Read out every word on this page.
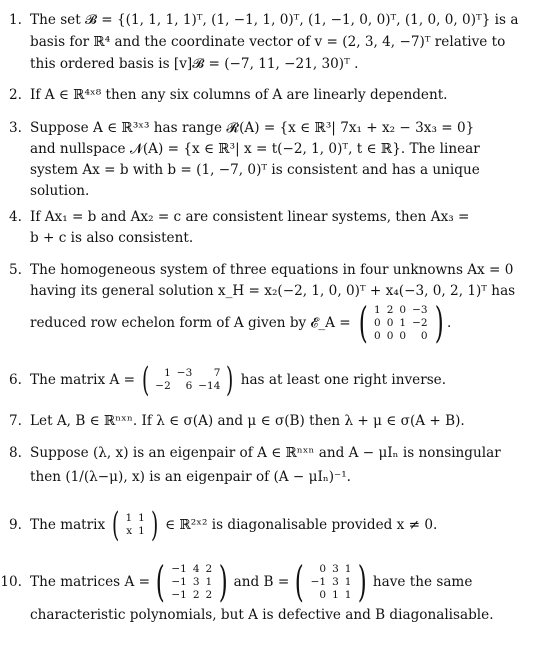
1. The set 𝓑 = {(1, 1, 1, 1)ᵀ, (1, −1, 1, 0)ᵀ, (1, −1, 0, 0)ᵀ, (1, 0, 0, 0)ᵀ} is a
basis for ℝ⁴ and the coordinate vector of v = (2, 3, 4, −7)ᵀ relative to
this ordered basis is [v]𝓑 = (−7, 11, −21, 30)ᵀ .
2. If A ∈ ℝ⁴ˣ⁸ then any six columns of A are linearly dependent.
3. Suppose A ∈ ℝ³ˣ³ has range 𝓡(A) = {x ∈ ℝ³| 7x₁ + x₂ − 3x₃ = 0}
and nullspace 𝓝(A) = {x ∈ ℝ³| x = t(−2, 1, 0)ᵀ, t ∈ ℝ}. The linear
system Ax = b with b = (1, −7, 0)ᵀ is consistent and has a unique
solution.
4. If Ax₁ = b and Ax₂ = c are consistent linear systems, then Ax₃ =
b + c is also consistent.
5. The homogeneous system of three equations in four unknowns Ax = 0
having its general solution x_H = x₂(−2, 1, 0, 0)ᵀ + x₄(−3, 0, 2, 1)ᵀ has
reduced row echelon form of A given by 𝓔_A = ( 1	2	0	−3
0	0	1	−2
0	0	0	0 ) .
6. The matrix A = ( 1	−3	7
−2	6	−14 ) has at least one right inverse.
7. Let A, B ∈ ℝⁿˣⁿ. If λ ∈ σ(A) and μ ∈ σ(B) then λ + μ ∈ σ(A + B).
8. Suppose (λ, x) is an eigenpair of A ∈ ℝⁿˣⁿ and A − μIₙ is nonsingular
then (1/(λ−μ), x) is an eigenpair of (A − μIₙ)⁻¹.
9. The matrix ( 1	1
x	1 ) ∈ ℝ²ˣ² is diagonalisable provided x ≠ 0.
10. The matrices A = ( −1	4	2
−1	3	1
−1	2	2 ) and B = ( 0	3	1
−1	3	1
0	1	1 ) have the same
characteristic polynomials, but A is defective and B diagonalisable.
